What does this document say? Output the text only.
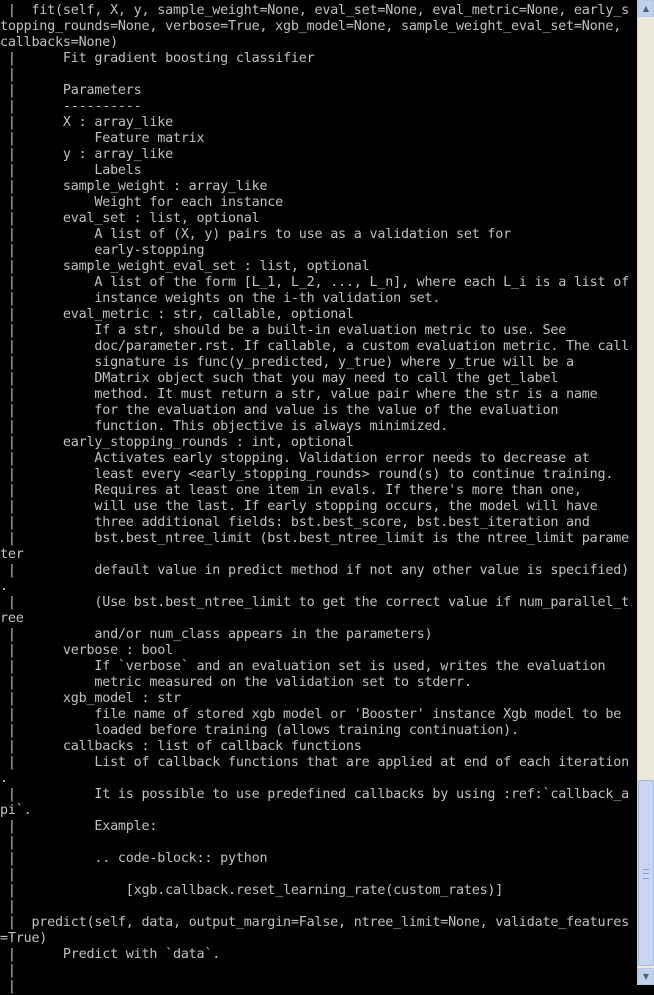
|  fit(self, X, y, sample_weight=None, eval_set=None, eval_metric=None, early_s
topping_rounds=None, verbose=True, xgb_model=None, sample_weight_eval_set=None,
callbacks=None)
|      Fit gradient boosting classifier
|
|      Parameters
|      ----------
|      X : array_like
|          Feature matrix
|      y : array_like
|          Labels
|      sample_weight : array_like
|          Weight for each instance
|      eval_set : list, optional
|          A list of (X, y) pairs to use as a validation set for
|          early-stopping
|      sample_weight_eval_set : list, optional
|          A list of the form [L_1, L_2, ..., L_n], where each L_i is a list of
|          instance weights on the i-th validation set.
|      eval_metric : str, callable, optional
|          If a str, should be a built-in evaluation metric to use. See
|          doc/parameter.rst. If callable, a custom evaluation metric. The call
|          signature is func(y_predicted, y_true) where y_true will be a
|          DMatrix object such that you may need to call the get_label
|          method. It must return a str, value pair where the str is a name
|          for the evaluation and value is the value of the evaluation
|          function. This objective is always minimized.
|      early_stopping_rounds : int, optional
|          Activates early stopping. Validation error needs to decrease at
|          least every <early_stopping_rounds> round(s) to continue training.
|          Requires at least one item in evals. If there's more than one,
|          will use the last. If early stopping occurs, the model will have
|          three additional fields: bst.best_score, bst.best_iteration and
|          bst.best_ntree_limit (bst.best_ntree_limit is the ntree_limit parame
ter
|          default value in predict method if not any other value is specified)
.
|          (Use bst.best_ntree_limit to get the correct value if num_parallel_t
ree
|          and/or num_class appears in the parameters)
|      verbose : bool
|          If `verbose` and an evaluation set is used, writes the evaluation
|          metric measured on the validation set to stderr.
|      xgb_model : str
|          file name of stored xgb model or 'Booster' instance Xgb model to be
|          loaded before training (allows training continuation).
|      callbacks : list of callback functions
|          List of callback functions that are applied at end of each iteration
.
|          It is possible to use predefined callbacks by using :ref:`callback_a
pi`.
|          Example:
|
|          .. code-block:: python
|
|              [xgb.callback.reset_learning_rate(custom_rates)]
|
|  predict(self, data, output_margin=False, ntree_limit=None, validate_features
=True)
|      Predict with `data`.
|
|
▲
▼
